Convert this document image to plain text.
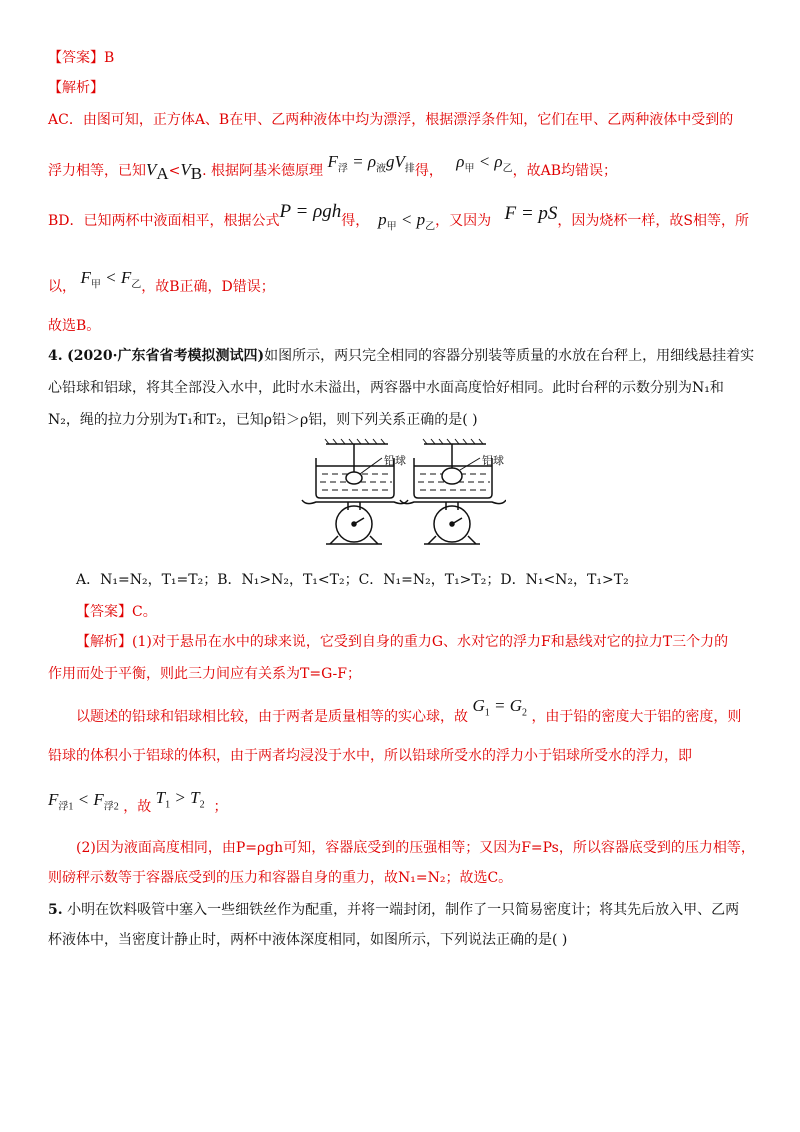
【答案】B
【解析】
AC．由图可知，正方体A、B在甲、乙两种液体中均为漂浮，根据漂浮条件知，它们在甲、乙两种液体中受到的
浮力相等，已知$V_A<V_B$. 根据阿基米德原理 $F_浮 = \rho_液gV_排$得， $\rho_甲 < \rho_乙$，故AB均错误；
BD．已知两杯中液面相平，根据公式P = ρgh得， $p_甲 < p_乙$，又因为 F = pS，因为烧杯一样，故S相等，所
以， $F_甲 < F_乙$，故B正确，D错误；
故选B。
4. (2020·广东省省考模拟测试四)如图所示，两只完全相同的容器分别装等质量的水放在台秤上，用细线悬挂着实
心铅球和铝球，将其全部没入水中，此时水未溢出，两容器中水面高度恰好相同。此时台秤的示数分别为N₁和
N₂，绳的拉力分别为T₁和T₂，已知ρ铅＞ρ铝，则下列关系正确的是( )
铅球	铝球
A．N₁=N₂，T₁=T₂；B．N₁>N₂，T₁<T₂；C．N₁=N₂，T₁>T₂；D．N₁<N₂，T₁>T₂
【答案】C。
【解析】(1)对于悬吊在水中的球来说，它受到自身的重力G、水对它的浮力F和悬线对它的拉力T三个力的
作用而处于平衡，则此三力间应有关系为T=G-F；
以题述的铅球和铝球相比较，由于两者是质量相等的实心球，故 $G_1 = G_2$ ，由于铅的密度大于铝的密度，则
铅球的体积小于铝球的体积，由于两者均浸没于水中，所以铅球所受水的浮力小于铝球所受水的浮力，即
$F_{浮1} < F_{浮2}$ ，故 $T_1 > T_2$ ；
(2)因为液面高度相同，由P=ρgh可知，容器底受到的压强相等；又因为F=Ps，所以容器底受到的压力相等，
则磅秤示数等于容器底受到的压力和容器自身的重力，故N₁=N₂；故选C。
5. 小明在饮料吸管中塞入一些细铁丝作为配重，并将一端封闭，制作了一只简易密度计；将其先后放入甲、乙两
杯液体中，当密度计静止时，两杯中液体深度相同，如图所示，下列说法正确的是( )
